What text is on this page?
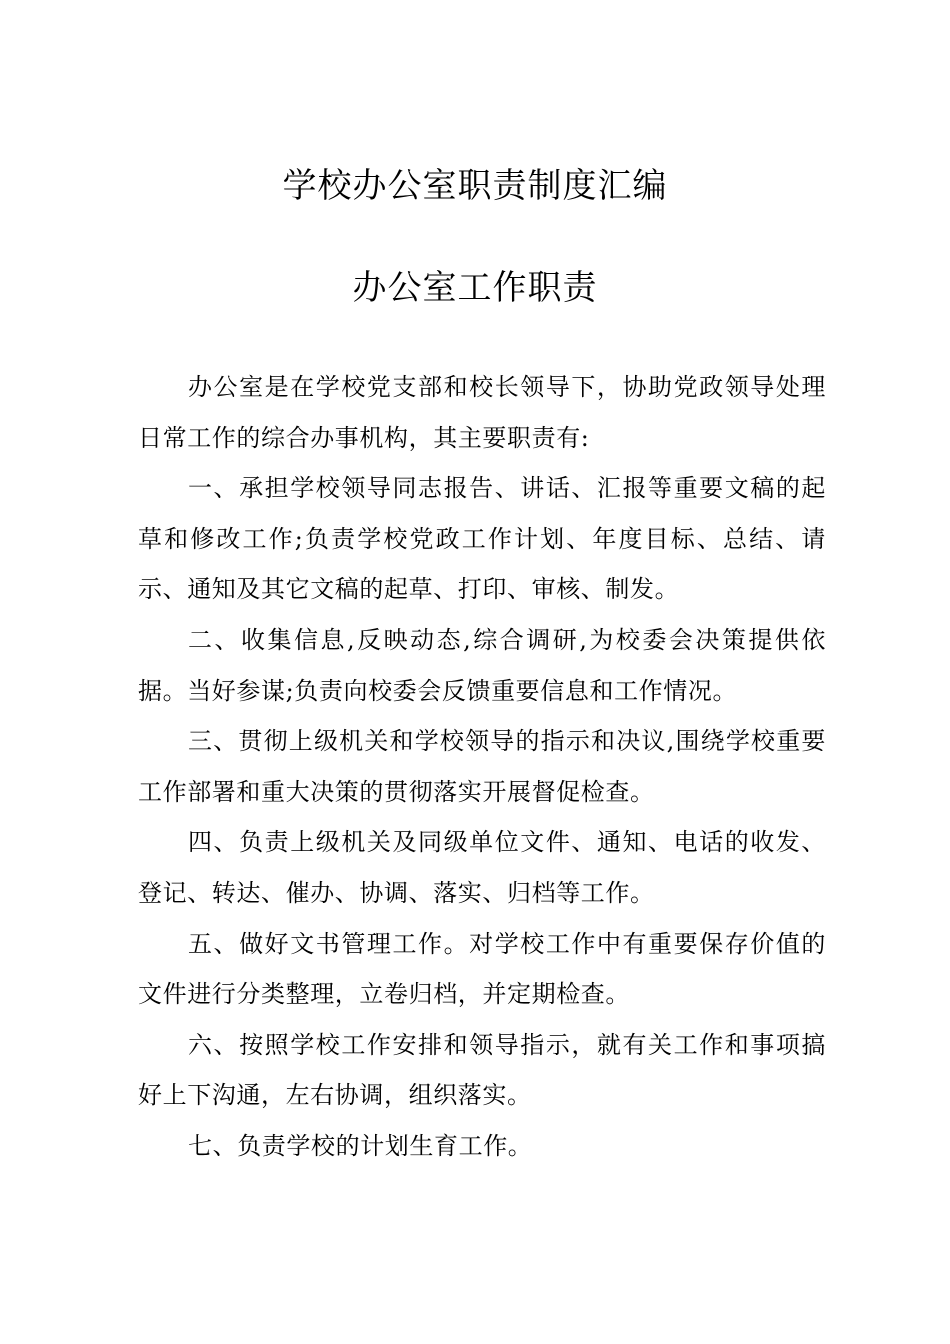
学校办公室职责制度汇编
办公室工作职责

办公室是在学校党支部和校长领导下，协助党政领导处理日常工作的综合办事机构，其主要职责有:

一、承担学校领导同志报告、讲话、汇报等重要文稿的起草和修改工作;负责学校党政工作计划、年度目标、总结、请示、通知及其它文稿的起草、打印、审核、制发。

二、收集信息,反映动态,综合调研,为校委会决策提供依据。当好参谋;负责向校委会反馈重要信息和工作情况。

三、贯彻上级机关和学校领导的指示和决议,围绕学校重要工作部署和重大决策的贯彻落实开展督促检查。

四、负责上级机关及同级单位文件、通知、电话的收发、登记、转达、催办、协调、落实、归档等工作。

五、做好文书管理工作。对学校工作中有重要保存价值的文件进行分类整理，立卷归档，并定期检查。

六、按照学校工作安排和领导指示，就有关工作和事项搞好上下沟通，左右协调，组织落实。

七、负责学校的计划生育工作。
